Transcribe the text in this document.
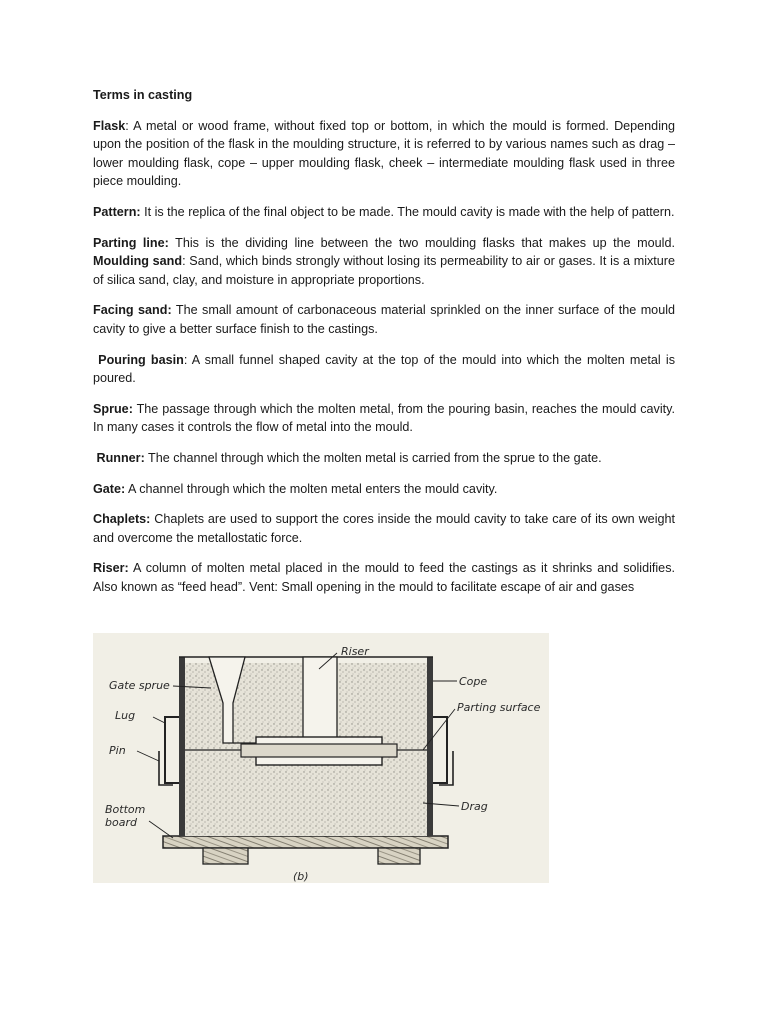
Terms in casting

Flask: A metal or wood frame, without fixed top or bottom, in which the mould is formed. Depending upon the position of the flask in the moulding structure, it is referred to by various names such as drag – lower moulding flask, cope – upper moulding flask, cheek – intermediate moulding flask used in three piece moulding.

Pattern: It is the replica of the final object to be made. The mould cavity is made with the help of pattern.

Parting line: This is the dividing line between the two moulding flasks that makes up the mould. Moulding sand: Sand, which binds strongly without losing its permeability to air or gases. It is a mixture of silica sand, clay, and moisture in appropriate proportions.

Facing sand: The small amount of carbonaceous material sprinkled on the inner surface of the mould cavity to give a better surface finish to the castings.

Pouring basin: A small funnel shaped cavity at the top of the mould into which the molten metal is poured.

Sprue: The passage through which the molten metal, from the pouring basin, reaches the mould cavity. In many cases it controls the flow of metal into the mould.

Runner: The channel through which the molten metal is carried from the sprue to the gate.

Gate: A channel through which the molten metal enters the mould cavity.

Chaplets: Chaplets are used to support the cores inside the mould cavity to take care of its own weight and overcome the metallostatic force.

Riser: A column of molten metal placed in the mould to feed the castings as it shrinks and solidifies. Also known as “feed head”. Vent: Small opening in the mould to facilitate escape of air and gases

Riser
Gate sprue	Cope
Lug
Parting surface
Pin
Bottom
board
Drag
(b)
